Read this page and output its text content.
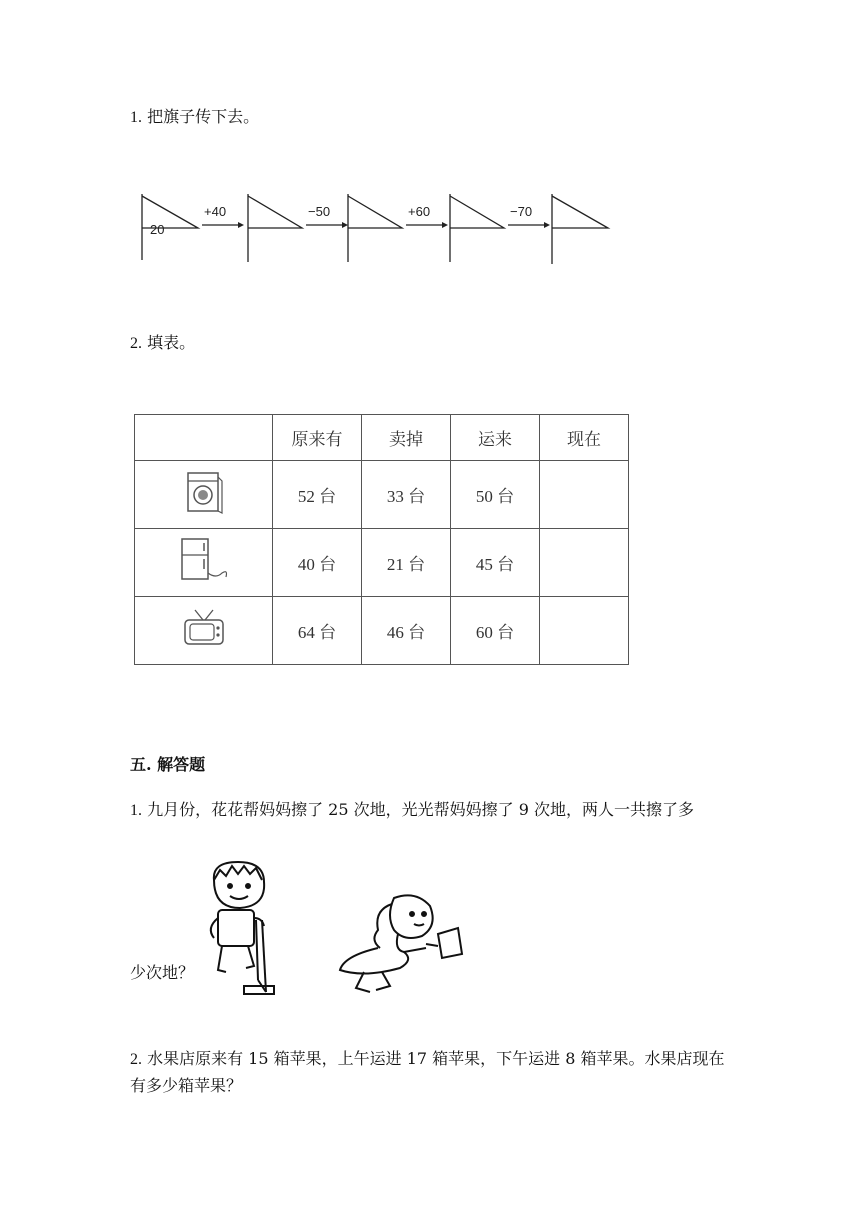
1. 把旗子传下去。
20
+40	−50	+60	−70
2. 填表。
	原来有	卖掉	运来	现在
	52 台	33 台	50 台	
	40 台	21 台	45 台	
	64 台	46 台	60 台	
五. 解答题
1. 九月份，花花帮妈妈擦了 25 次地，光光帮妈妈擦了 9 次地，两人一共擦了多
少次地？
2. 水果店原来有 15 箱苹果，上午运进 17 箱苹果，下午运进 8 箱苹果。水果店现在有多少箱苹果？
